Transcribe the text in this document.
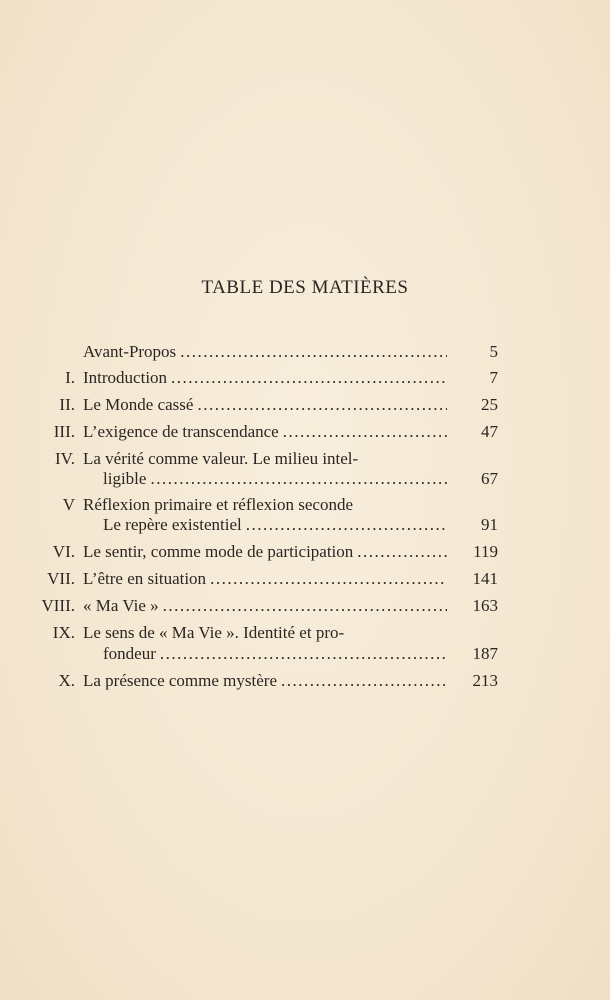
TABLE DES MATIÈRES
Avant-Propos .....	5
I. Introduction .....	7
II. Le Monde cassé .....	25
III. L’exigence de transcendance .....	47
IV. La vérité comme valeur. Le milieu intel-
ligible .....	67
V Réflexion primaire et réflexion seconde
Le repère existentiel .....	91
VI. Le sentir, comme mode de participation .....	119
VII. L’être en situation .....	141
VIII. « Ma Vie » .....	163
IX. Le sens de « Ma Vie ». Identité et pro-
fondeur .....	187
X. La présence comme mystère .....	213
